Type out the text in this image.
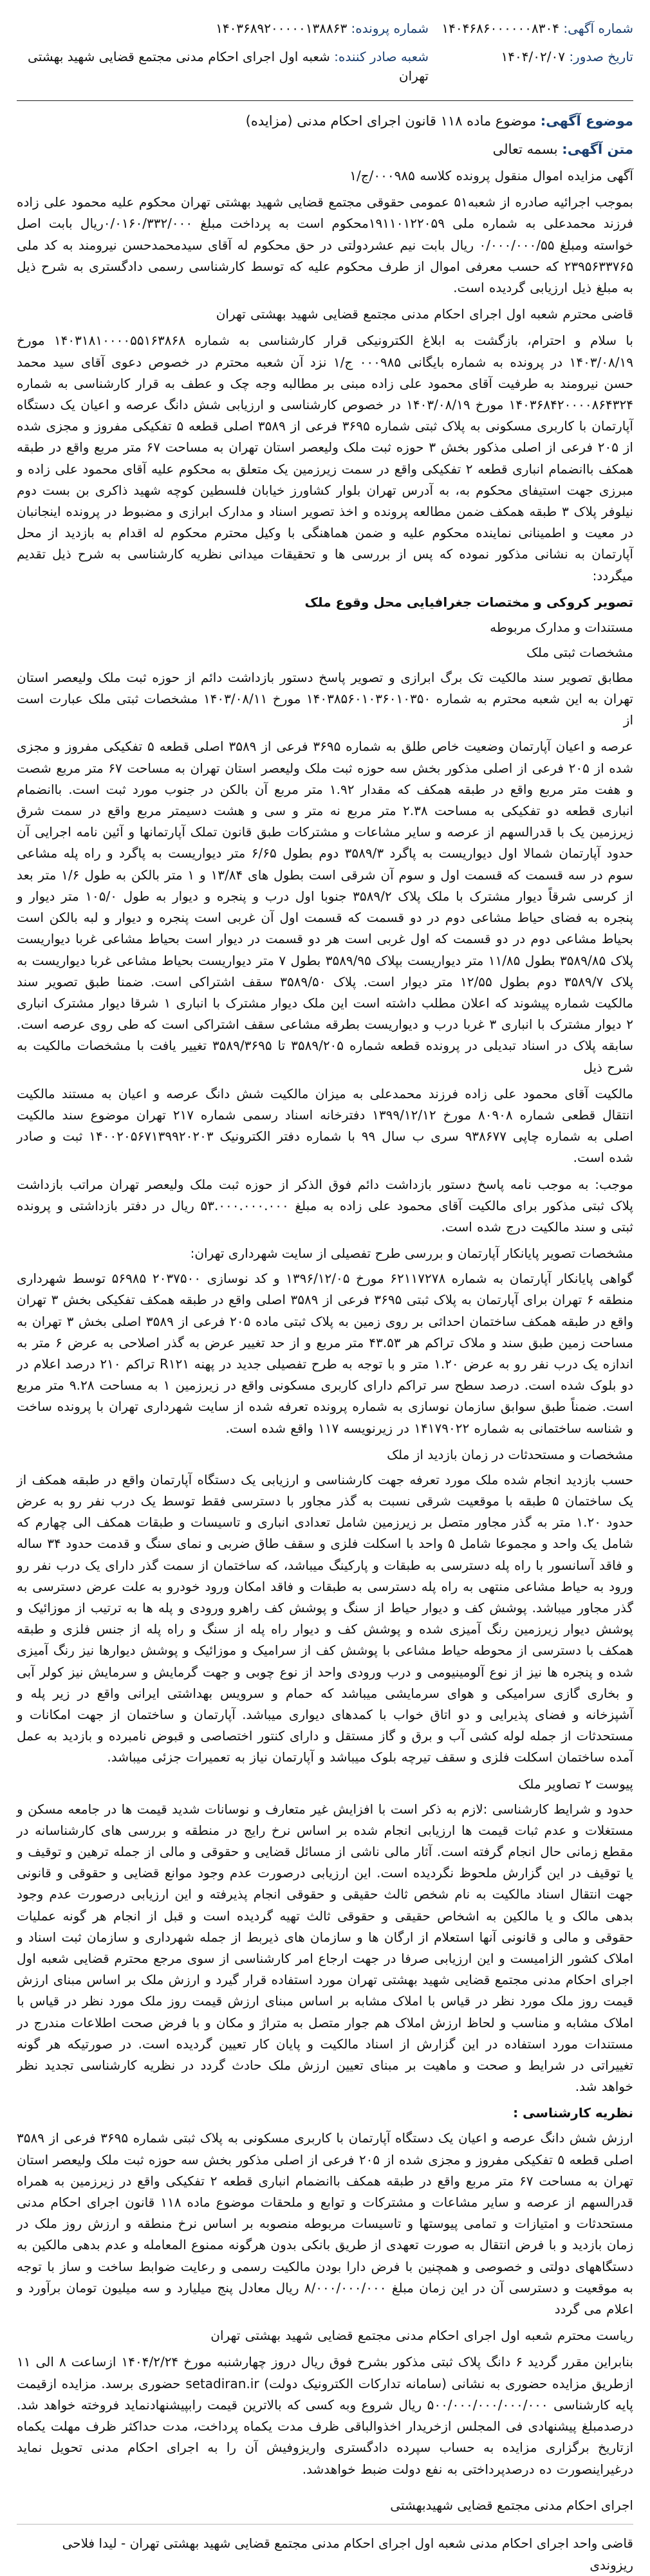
شماره آگهی: ۱۴۰۴۶۸۶۰۰۰۰۰۰۸۳۰۴
تاریخ صدور: ۱۴۰۴/۰۲/۰۷
شماره پرونده: ۱۴۰۳۶۸۹۲۰۰۰۰۰۱۳۸۸۶۳
شعبه صادر کننده: شعبه اول اجرای احکام مدنی مجتمع قضایی شهید بهشتی تهران
موضوع آگهی: موضوع ماده ۱۱۸ قانون اجرای احکام مدنی (مزایده)
متن آگهی: بسمه تعالی

آگهی مزایده اموال منقول پرونده کلاسه ۰۰۰۹۸۵/ج/۱

بموجب اجرائیه صادره از شعبه۵۱ عمومی حقوقی مجتمع قضایی شهید بهشتی تهران محکوم علیه محمود علی زاده فرزند محمدعلی به شماره ملی ۱۹۱۱۰۱۲۲۰۵۹محکوم است به پرداخت مبلغ ۰/۰۱۶۰/۳۳۲/۰۰۰ریال بابت اصل خواسته ومبلغ ۰/۰۰۰/۰۰۰/۵۵ ریال بابت نیم عشردولتی در حق محکوم له آقای سیدمحمدحسن نیرومند به کد ملی ۲۳۹۵۶۳۳۷۶۵ که حسب معرفی اموال از طرف محکوم علیه که توسط کارشناسی رسمی دادگستری به شرح ذیل به مبلغ ذیل ارزیابی گردیده است.

قاضی محترم شعبه اول اجرای احکام مدنی مجتمع قضایی شهید بهشتی تهران

با سلام و احترام، بازگشت به ابلاغ الکترونیکی قرار کارشناسی به شماره ۱۴۰۳۱۸۱۰۰۰۰۵۵۱۶۳۸۶۸ مورخ ۱۴۰۳/۰۸/۱۹ در پرونده به شماره بایگانی ۰۰۰۹۸۵ ج/۱ نزد آن شعبه محترم در خصوص دعوی آقای سید محمد حسن نیرومند به طرفیت آقای محمود علی زاده مبنی بر مطالبه وجه چک و عطف به قرار کارشناسی به شماره ۱۴۰۳۶۸۴۲۰۰۰۰۸۶۴۳۲۴ مورخ ۱۴۰۳/۰۸/۱۹ در خصوص کارشناسی و ارزیابی شش دانگ عرصه و اعیان یک دستگاه آپارتمان با کاربری مسکونی به پلاک ثبتی شماره ۳۶۹۵ فرعی از ۳۵۸۹ اصلی قطعه ۵ تفکیکی مفروز و مجزی شده از ۲۰۵ فرعی از اصلی مذکور بخش ۳ حوزه ثبت ملک ولیعصر استان تهران به مساحت ۶۷ متر مربع واقع در طبقه همکف باانضمام انباری قطعه ۲ تفکیکی واقع در سمت زیرزمین یک متعلق به محکوم علیه آقای محمود علی زاده و مبرزی جهت استیفای محکوم به، به آدرس تهران بلوار کشاورز خیابان فلسطین کوچه شهید ذاکری بن بست دوم نیلوفر پلاک ۳ طبقه همکف ضمن مطالعه پرونده و اخذ تصویر اسناد و مدارک ابرازی و مضبوط در پرونده اینجانبان در معیت و اطمینانی نماینده محکوم علیه و ضمن هماهنگی با وکیل محترم محکوم له اقدام به بازدید از محل آپارتمان به نشانی مذکور نموده که پس از بررسی ها و تحقیقات میدانی نظریه کارشناسی به شرح ذیل تقدیم میگردد:

تصویر کروکی و مختصات جغرافیایی محل وقوع ملک
مستندات و مدارک مربوطه
مشخصات ثبتی ملک

مطابق تصویر سند مالکیت تک برگ ابرازی و تصویر پاسخ دستور بازداشت دائم از حوزه ثبت ملک ولیعصر استان تهران به این شعبه محترم به شماره ۱۴۰۳۸۵۶۰۱۰۳۶۰۱۰۳۵۰ مورخ ۱۴۰۳/۰۸/۱۱ مشخصات ثبتی ملک عبارت است از

عرصه و اعیان آپارتمان وضعیت خاص طلق به شماره ۳۶۹۵ فرعی از ۳۵۸۹ اصلی قطعه ۵ تفکیکی مفروز و مجزی شده از ۲۰۵ فرعی از اصلی مذکور بخش سه حوزه ثبت ملک ولیعصر استان تهران به مساحت ۶۷ متر مربع شصت و هفت متر مربع واقع در طبقه همکف که مقدار ۱.۹۲ متر مربع آن بالکن در جنوب مورد ثبت است. باانضمام انباری قطعه دو تفکیکی به مساحت ۲.۳۸ متر مربع نه متر و سی و هشت دسیمتر مربع واقع در سمت شرق زیرزمین یک با قدرالسهم از عرصه و سایر مشاعات و مشترکات طبق قانون تملک آپارتمانها و آئین نامه اجرایی آن حدود آپارتمان شمالا اول دیواریست به پاگرد ۳۵۸۹/۳ دوم بطول ۶/۶۵ متر دیواریست به پاگرد و راه پله مشاعی سوم در سه قسمت که قسمت اول و سوم آن شرقی است بطول های ۱۳/۸۴ و ۱ متر بالکن به طول ۱/۶ متر بعد از کرسی شرقاً دیوار مشترک با ملک پلاک ۳۵۸۹/۲ جنوبا اول درب و پنجره و دیوار به طول ۱۰۵/۰ متر دیوار و پنجره به فضای حیاط مشاعی دوم در دو قسمت که قسمت اول آن غربی است پنجره و دیوار و لبه بالکن است بحیاط مشاعی دوم در دو قسمت که اول غربی است هر دو قسمت در دیوار است بحیاط مشاعی غربا دیواریست پلاک ۳۵۸۹/۸۵ بطول ۱۱/۸۵ متر دیواریست بپلاک ۳۵۸۹/۹۵ بطول ۷ متر دیواریست بحیاط مشاعی غربا دیواریست به پلاک ۳۵۸۹/۷ دوم بطول ۱۲/۵۵ متر دیوار است. پلاک ۳۵۸۹/۵۰ سقف اشتراکی است. ضمنا طبق تصویر سند مالکیت شماره پیشوند که اعلان مطلب داشته است این ملک دیوار مشترک با انباری ۱ شرقا دیوار مشترک انباری ۲ دیوار مشترک با انباری ۳ غربا درب و دیواریست بطرقه مشاعی سقف اشتراکی است که طی روی عرصه است. سابقه پلاک در اسناد تبدیلی در پرونده قطعه شماره ۳۵۸۹/۲۰۵ تا ۳۵۸۹/۳۶۹۵ تغییر یافت با مشخصات مالکیت به شرح ذیل

مالکیت آقای محمود علی زاده فرزند محمدعلی به میزان مالکیت شش دانگ عرصه و اعیان به مستند مالکیت انتقال قطعی شماره ۸۰۹۰۸ مورخ ۱۳۹۹/۱۲/۱۲ دفترخانه اسناد رسمی شماره ۲۱۷ تهران موضوع سند مالکیت اصلی به شماره چاپی ۹۳۸۶۷۷ سری ب سال ۹۹ با شماره دفتر الکترونیک ۱۴۰۰۲۰۵۶۷۱۳۹۹۲۰۲۰۳ ثبت و صادر شده است.

موجب: به موجب نامه پاسخ دستور بازداشت دائم فوق الذکر از حوزه ثبت ملک ولیعصر تهران مراتب بازداشت پلاک ثبتی مذکور برای مالکیت آقای محمود علی زاده به مبلغ ۵۳.۰۰۰.۰۰۰.۰۰۰ ریال در دفتر بازداشتی و پرونده ثبتی و سند مالکیت درج شده است.

مشخصات تصویر پایانکار آپارتمان و بررسی طرح تفصیلی از سایت شهرداری تهران:

گواهی پایانکار آپارتمان به شماره ۶۲۱۱۷۲۷۸ مورخ ۱۳۹۶/۱۲/۰۵ و کد نوسازی ۲۰۳۷۵۰۰ ۵۶۹۸۵ توسط شهرداری منطقه ۶ تهران برای آپارتمان به پلاک ثبتی ۳۶۹۵ فرعی از ۳۵۸۹ اصلی واقع در طبقه همکف تفکیکی بخش ۳ تهران واقع در طبقه همکف ساختمان احداثی بر روی زمین به پلاک ثبتی ماده ۲۰۵ فرعی از ۳۵۸۹ اصلی بخش ۳ تهران به مساحت زمین طبق سند و ملاک تراکم هر ۴۳.۵۳ متر مربع و از حد تغییر عرض به گذر اصلاحی به عرض ۶ متر به اندازه یک درب نفر رو به عرض ۱.۲۰ متر و با توجه به طرح تفصیلی جدید در پهنه R۱۲۱ تراکم ۲۱۰ درصد اعلام در دو بلوک شده است. درصد سطح سر تراکم دارای کاربری مسکونی واقع در زیرزمین ۱ به مساحت ۹.۲۸ متر مربع است. ضمناً طبق سوابق سازمان نوسازی به شماره پرونده تعرفه شده از سایت شهرداری تهران با پرونده ساخت و شناسه ساختمانی به شماره ۱۴۱۷۹۰۲۲ در زیرنویسه ۱۱۷ واقع شده است.

مشخصات و مستحدثات در زمان بازدید از ملک

حسب بازدید انجام شده ملک مورد تعرفه جهت کارشناسی و ارزیابی یک دستگاه آپارتمان واقع در طبقه همکف از یک ساختمان ۵ طبقه با موقعیت شرقی نسبت به گذر مجاور با دسترسی فقط توسط یک درب نفر رو به عرض حدود ۱.۲۰ متر به گذر مجاور متصل بر زیرزمین شامل تعدادی انباری و تاسیسات و طبقات همکف الی چهارم که شامل یک واحد و مجموعا شامل ۵ واحد با اسکلت فلزی و سقف طاق ضربی و نمای سنگ و قدمت حدود ۳۴ ساله و فاقد آسانسور با راه پله دسترسی به طبقات و پارکینگ میباشد، که ساختمان از سمت گذر دارای یک درب نفر رو ورود به حیاط مشاعی منتهی به راه پله دسترسی به طبقات و فاقد امکان ورود خودرو به علت عرض دسترسی به گذر مجاور میباشد. پوشش کف و دیوار حیاط از سنگ و پوشش کف راهرو ورودی و پله ها به ترتیب از موزائیک و پوشش دیوار زیرزمین رنگ آمیزی شده و پوشش کف و دیوار راه پله از سنگ و راه پله از جنس فلزی و طبقه همکف با دسترسی از محوطه حیاط مشاعی با پوشش کف از سرامیک و موزائیک و پوشش دیوارها نیز رنگ آمیزی شده و پنجره ها نیز از نوع آلومینیومی و درب ورودی واحد از نوع چوبی و جهت گرمایش و سرمایش نیز کولر آبی و بخاری گازی سرامیکی و هوای سرمایشی میباشد که حمام و سرویس بهداشتی ایرانی واقع در زیر پله و آشپزخانه و فضای پذیرایی و دو اتاق خواب با کمدهای دیواری میباشد. آپارتمان و ساختمان از جهت امکانات و مستحدثات از جمله لوله کشی آب و برق و گاز مستقل و دارای کنتور اختصاصی و قبوض نامبرده و بازدید به عمل آمده ساختمان اسکلت فلزی و سقف تیرچه بلوک میباشد و آپارتمان نیاز به تعمیرات جزئی میباشد.

پیوست ۲ تصاویر ملک

حدود و شرایط کارشناسی :لازم به ذکر است با افزایش غیر متعارف و نوسانات شدید قیمت ها در جامعه مسکن و مستغلات و عدم ثبات قیمت ها ارزیابی انجام شده بر اساس نرخ رایج در منطقه و بررسی های کارشناسانه در مقطع زمانی حال انجام گرفته است. آثار مالی ناشی از مسائل قضایی و حقوقی و مالی از جمله ترهین و توقیف و یا توقیف در این گزارش ملحوظ نگردیده است. این ارزیابی درصورت عدم وجود موانع قضایی و حقوقی و قانونی جهت انتقال اسناد مالکیت به نام شخص ثالث حقیقی و حقوقی انجام پذیرفته و این ارزیابی درصورت عدم وجود بدهی مالک و یا مالکین به اشخاص حقیقی و حقوقی ثالث تهیه گردیده است و قبل از انجام هر گونه عملیات حقوقی و مالی و قانونی آنها استعلام از ارگان ها و سازمان های ذیربط از جمله شهرداری و سازمان ثبت اسناد و املاک کشور الزامیست و این ارزیابی صرفا در جهت ارجاع امر کارشناسی از سوی مرجع محترم قضایی شعبه اول اجرای احکام مدنی مجتمع قضایی شهید بهشتی تهران مورد استفاده قرار گیرد و ارزش ملک بر اساس مبنای ارزش قیمت روز ملک مورد نظر در قیاس با املاک مشابه بر اساس مبنای ارزش قیمت روز ملک مورد نظر در قیاس با املاک مشابه و مناسب و لحاظ ارزش املاک هم جوار متصل به متراژ و مکان و با فرض صحت اطلاعات مندرج در مستندات مورد استفاده در این گزارش از اسناد مالکیت و پایان کار تعیین گردیده است. در صورتیکه هر گونه تغییراتی در شرایط و صحت و ماهیت بر مبنای تعیین ارزش ملک حادث گردد در نظریه کارشناسی تجدید نظر خواهد شد.

نظریه کارشناسی :

ارزش شش دانگ عرصه و اعیان یک دستگاه آپارتمان با کاربری مسکونی به پلاک ثبتی شماره ۳۶۹۵ فرعی از ۳۵۸۹ اصلی قطعه ۵ تفکیکی مفروز و مجزی شده از ۲۰۵ فرعی از اصلی مذکور بخش سه حوزه ثبت ملک ولیعصر استان تهران به مساحت ۶۷ متر مربع واقع در طبقه همکف باانضمام انباری قطعه ۲ تفکیکی واقع در زیرزمین به همراه قدرالسهم از عرصه و سایر مشاعات و مشترکات و توابع و ملحقات موضوع ماده ۱۱۸ قانون اجرای احکام مدنی مستحدثات و امتیازات و تمامی پیوستها و تاسیسات مربوطه منصوبه بر اساس نرخ منطقه و ارزش روز ملک در زمان بازدید و با فرض انتقال به صورت تعهدی از طریق بانکی بدون هرگونه ممنوع المعامله و عدم بدهی مالکین به دستگاههای دولتی و خصوصی و همچنین با فرض دارا بودن مالکیت رسمی و رعایت ضوابط ساخت و ساز با توجه به موقعیت و دسترسی آن در این زمان مبلغ ۸/۰۰۰/۰۰۰/۰۰۰ ریال معادل پنج میلیارد و سه میلیون تومان برآورد و اعلام می گردد

ریاست محترم شعبه اول اجرای احکام مدنی مجتمع قضایی شهید بهشتی تهران

بنابراین مقرر گردید ۶ دانگ پلاک ثبتی مذکور بشرح فوق ریال دروز چهارشنبه مورخ ۱۴۰۴/۲/۲۴ ازساعت ۸ الی ۱۱ ازطریق مزایده حضوری به نشانی (سامانه تدارکات الکترونیک دولت) setadiran.ir حضوری برسد. مزایده ازقیمت پایه کارشناسی ۵۰۰/۰۰۰/۰۰۰/۰۰۰/۰۰۰ ریال شروع وبه کسی که بالاترین قیمت رابپیشنهادنماید فروخته خواهد شد. درصدمبلغ پیشنهادی فی المجلس ازخریدار اخذوالباقی ظرف مدت یکماه پرداخت، مدت حداکثر ظرف مهلت یکماه ازتاریخ برگزاری مزایده به حساب سپرده دادگستری واریزوفیش آن را به اجرای احکام مدنی تحویل نماید درغیراینصورت ده درصدپرداختی به نفع دولت ضبط خواهدشد.

اجرای احکام مدنی مجتمع قضایی شهیدبهشتی
قاضی واحد اجرای احکام مدنی شعبه اول اجرای احکام مدنی مجتمع قضایی شهید بهشتی تهران - لیدا فلاحی ریزوندی
